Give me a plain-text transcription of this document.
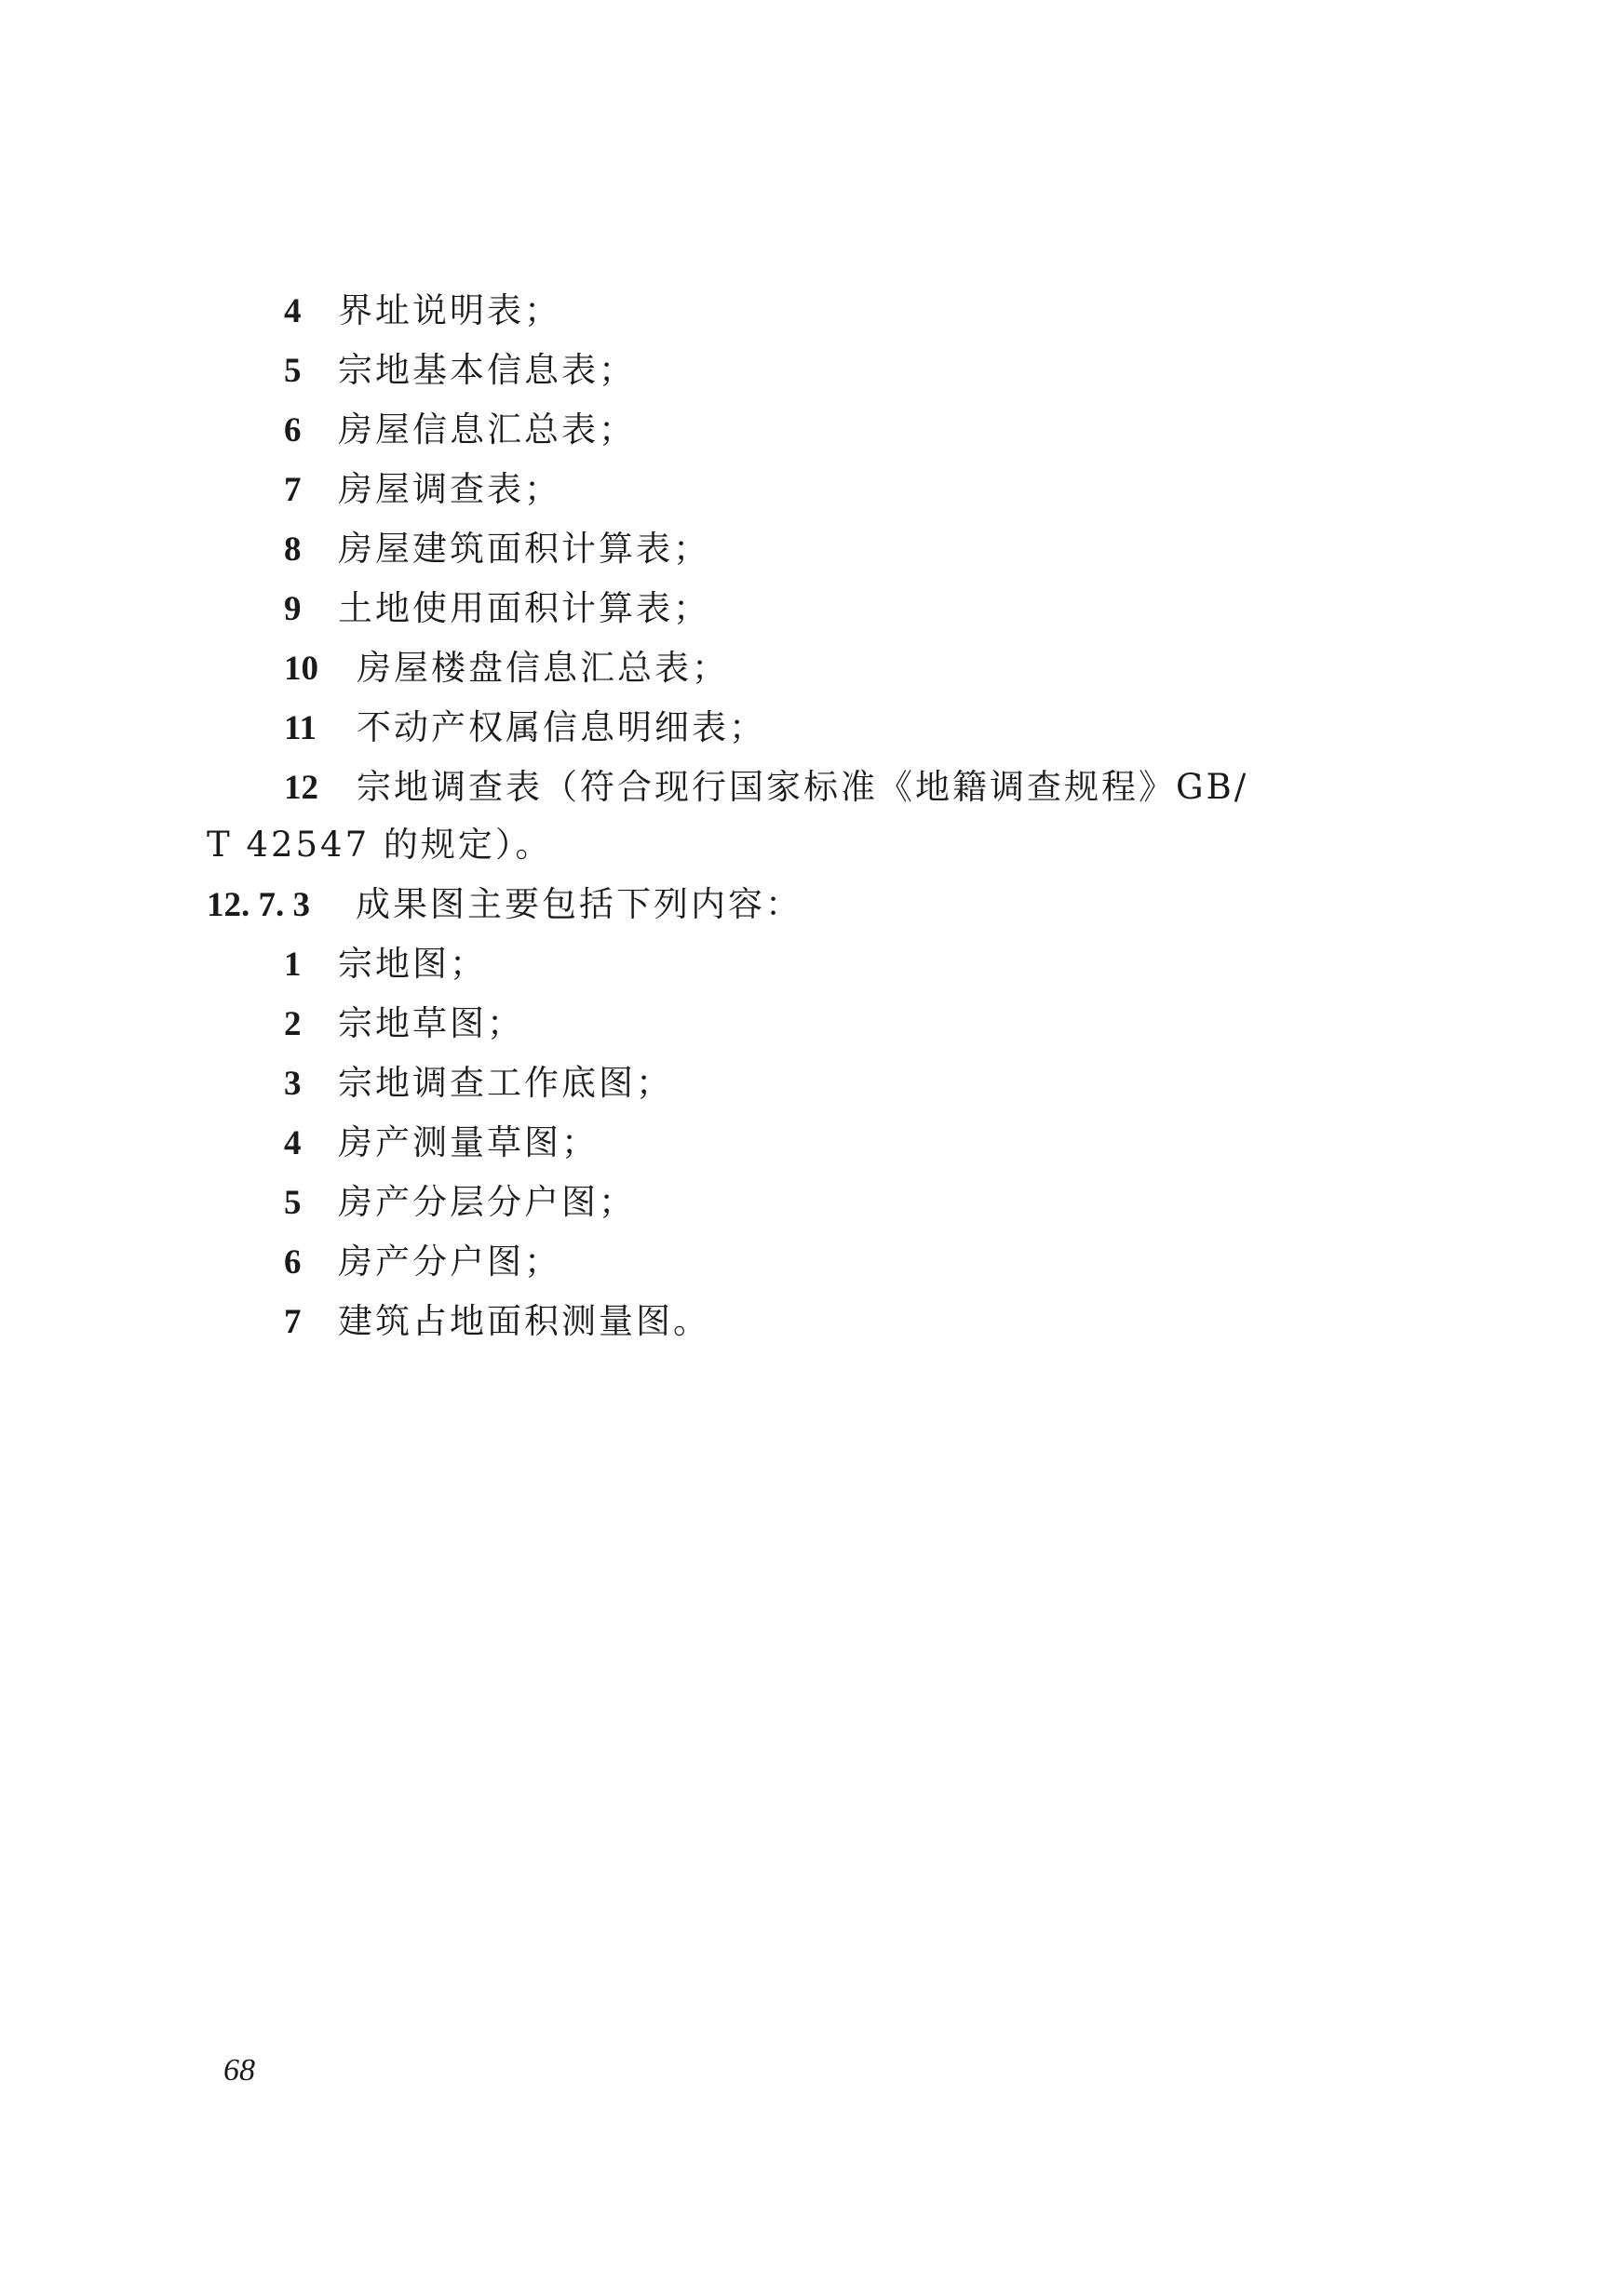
4 界址说明表；
5 宗地基本信息表；
6 房屋信息汇总表；
7 房屋调查表；
8 房屋建筑面积计算表；
9 土地使用面积计算表；
10 房屋楼盘信息汇总表；
11 不动产权属信息明细表；
12 宗地调查表（符合现行国家标准《地籍调查规程》GB/
T 42547 的规定）。
12. 7. 3 成果图主要包括下列内容：
1 宗地图；
2 宗地草图；
3 宗地调查工作底图；
4 房产测量草图；
5 房产分层分户图；
6 房产分户图；
7 建筑占地面积测量图。
68
